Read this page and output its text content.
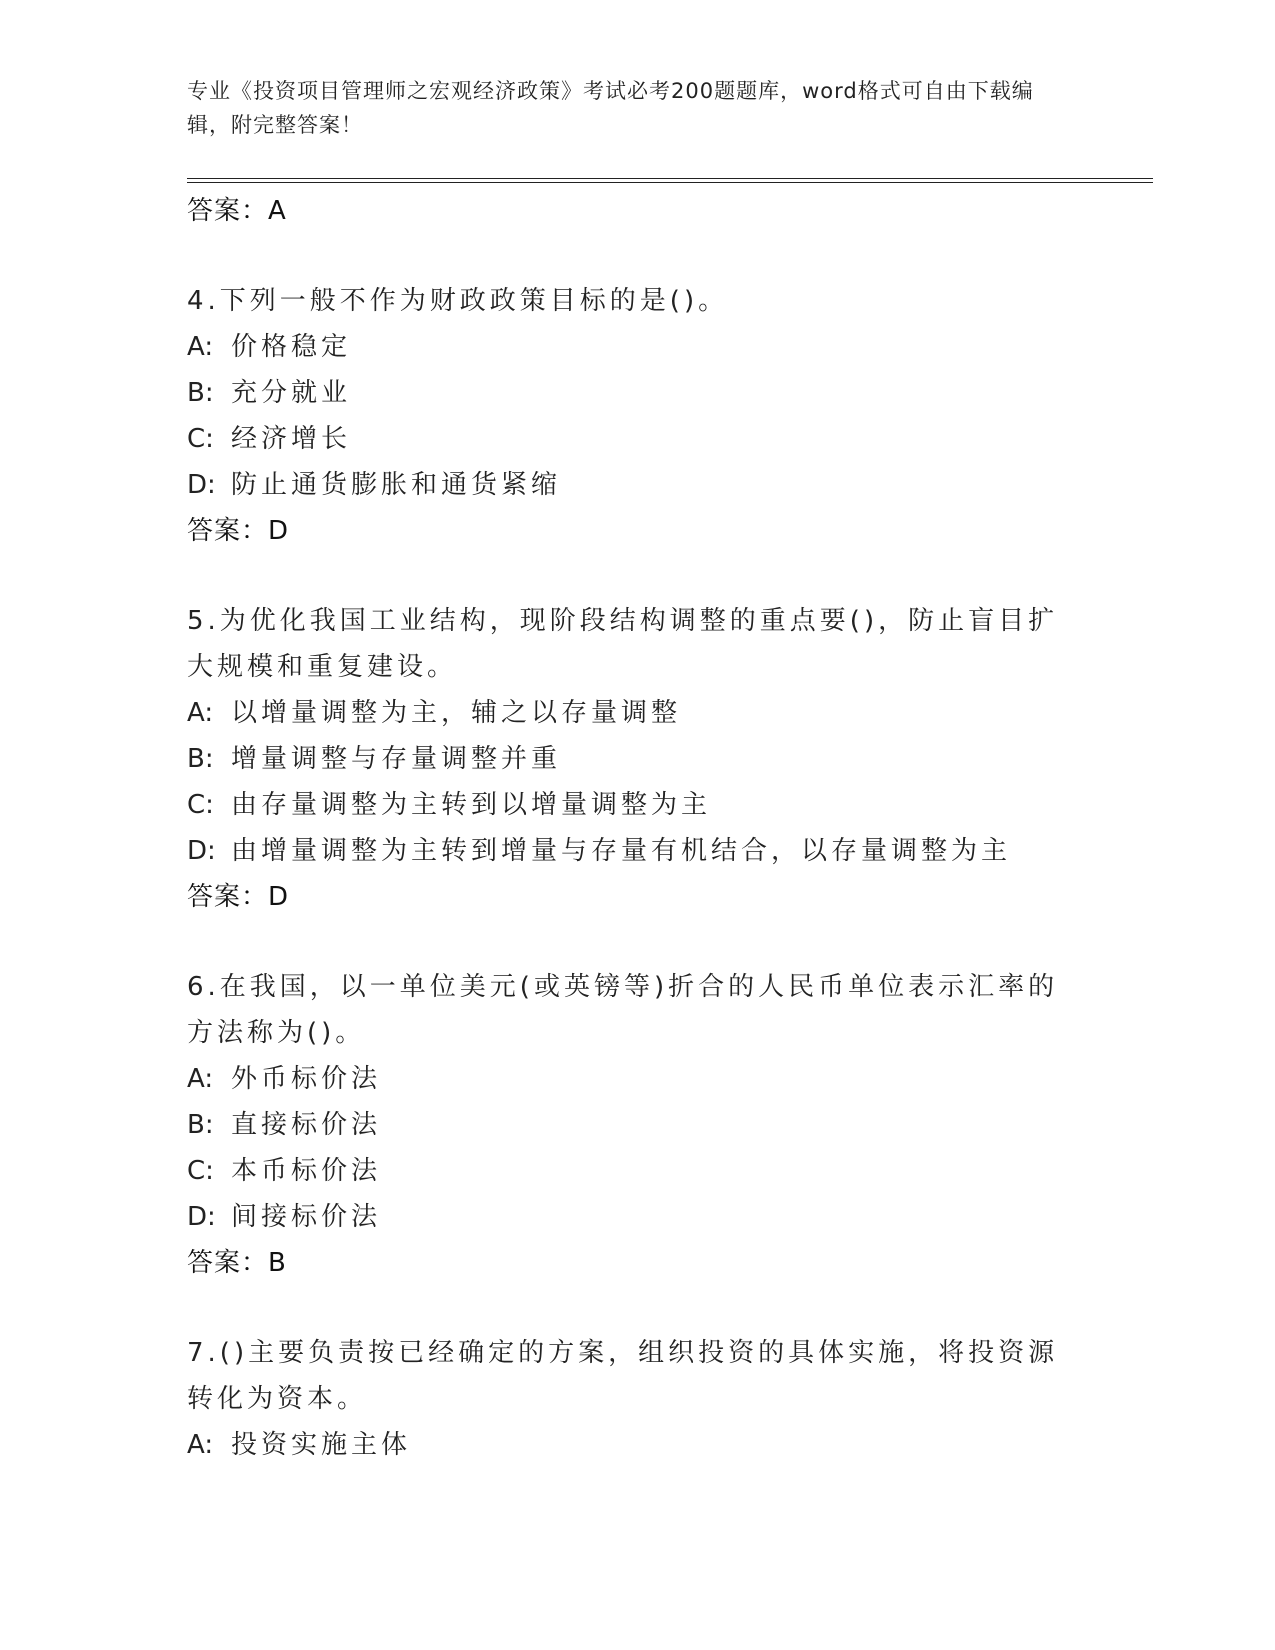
专业《投资项目管理师之宏观经济政策》考试必考200题题库，word格式可自由下载编辑，附完整答案！
答案：A
4.下列一般不作为财政政策目标的是()。
A: 价格稳定
B: 充分就业
C: 经济增长
D: 防止通货膨胀和通货紧缩
答案：D
5.为优化我国工业结构，现阶段结构调整的重点要()，防止盲目扩大规模和重复建设。
A: 以增量调整为主，辅之以存量调整
B: 增量调整与存量调整并重
C: 由存量调整为主转到以增量调整为主
D: 由增量调整为主转到增量与存量有机结合，以存量调整为主
答案：D
6.在我国，以一单位美元(或英镑等)折合的人民币单位表示汇率的方法称为()。
A: 外币标价法
B: 直接标价法
C: 本币标价法
D: 间接标价法
答案：B
7.()主要负责按已经确定的方案，组织投资的具体实施，将投资源转化为资本。
A: 投资实施主体
